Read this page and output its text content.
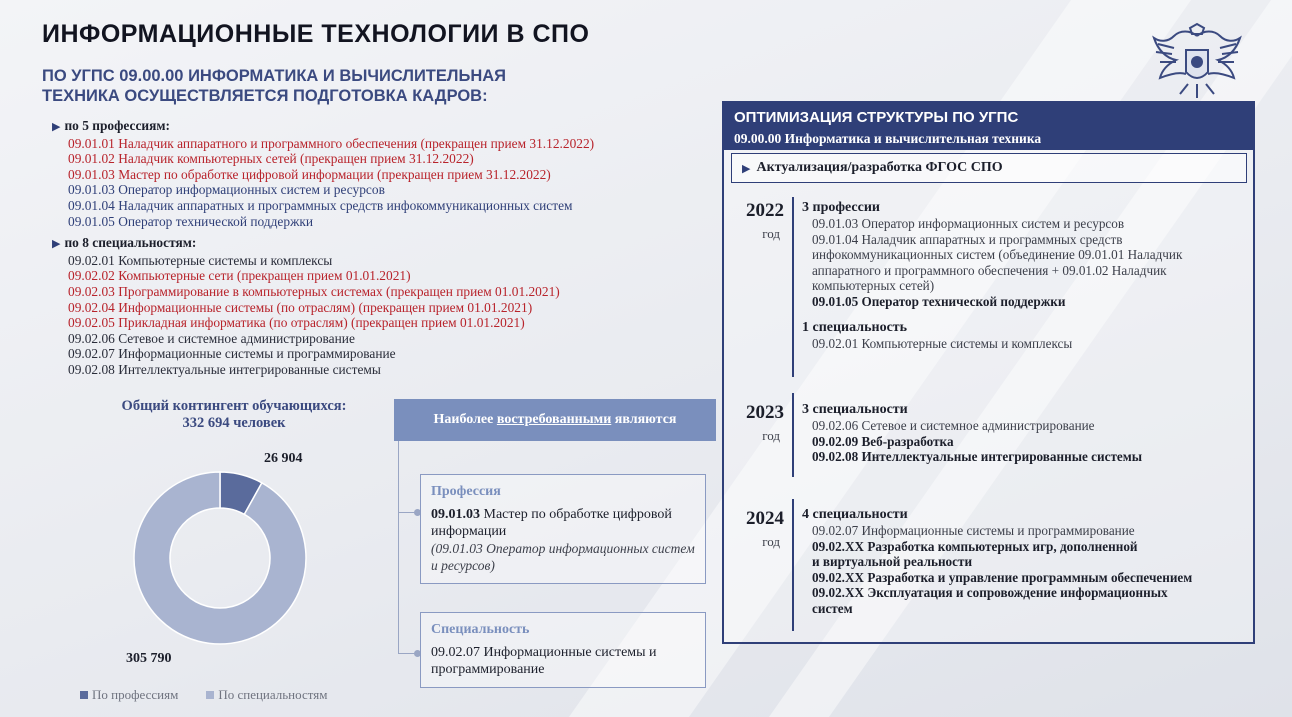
ИНФОРМАЦИОННЫЕ ТЕХНОЛОГИИ В СПО
ПО УГПС 09.00.00 ИНФОРМАТИКА И ВЫЧИСЛИТЕЛЬНАЯ
ТЕХНИКА ОСУЩЕСТВЛЯЕТСЯ ПОДГОТОВКА КАДРОВ:
▶ по 5 профессиям:
09.01.01 Наладчик аппаратного и программного обеспечения (прекращен прием 31.12.2022)
09.01.02 Наладчик компьютерных сетей (прекращен прием 31.12.2022)
09.01.03 Мастер по обработке цифровой информации (прекращен прием 31.12.2022)
09.01.03 Оператор информационных систем и ресурсов
09.01.04 Наладчик аппаратных и программных средств инфокоммуникационных систем
09.01.05 Оператор технической поддержки
▶ по 8 специальностям:
09.02.01 Компьютерные системы и комплексы
09.02.02 Компьютерные сети (прекращен прием 01.01.2021)
09.02.03 Программирование в компьютерных системах (прекращен прием 01.01.2021)
09.02.04 Информационные системы (по отраслям) (прекращен прием 01.01.2021)
09.02.05 Прикладная информатика (по отраслям) (прекращен прием 01.01.2021)
09.02.06 Сетевое и системное администрирование
09.02.07 Информационные системы и программирование
09.02.08 Интеллектуальные интегрированные системы
Общий контингент обучающихся:
332 694 человек
26 904
305 790
По профессиям	По специальностям
Наиболее востребованными являются
Профессия
09.01.03 Мастер по обработке цифровой информации
(09.01.03 Оператор информационных систем и ресурсов)
Специальность
09.02.07 Информационные системы и программирование
ОПТИМИЗАЦИЯ СТРУКТУРЫ ПО УГПС
09.00.00 Информатика и вычислительная техника
▶ Актуализация/разработка ФГОС СПО
2022
год
3 профессии
09.01.03 Оператор информационных систем и ресурсов
09.01.04 Наладчик аппаратных и программных средств
инфокоммуникационных систем (объединение 09.01.01 Наладчик
аппаратного и программного обеспечения + 09.01.02 Наладчик
компьютерных сетей)
09.01.05 Оператор технической поддержки
1 специальность
09.02.01 Компьютерные системы и комплексы
2023
год
3 специальности
09.02.06 Сетевое и системное администрирование
09.02.09 Веб-разработка
09.02.08 Интеллектуальные интегрированные системы
2024
год
4 специальности
09.02.07 Информационные системы и программирование
09.02.XX Разработка компьютерных игр, дополненной
и виртуальной реальности
09.02.XX Разработка и управление программным обеспечением
09.02.XX Эксплуатация и сопровождение информационных
систем
